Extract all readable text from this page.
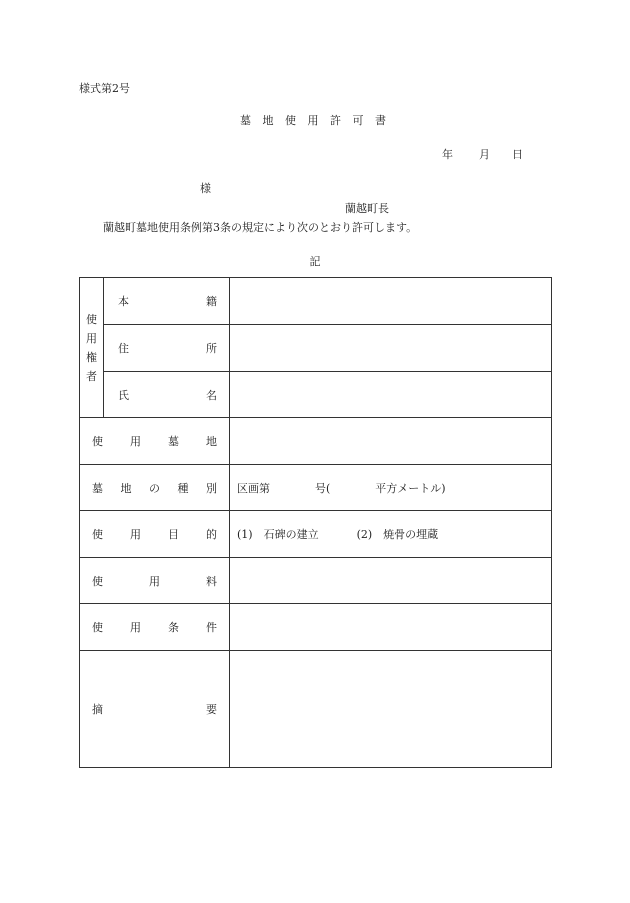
様式第2号
墓 地 使 用 許 可 書
年 月 日
様
蘭越町長
蘭越町墓地使用条例第3条の規定により次のとおり許可します。
記
使
用
権
者	本 籍	

	住 所	

	氏 名	

使 用 墓 地		

墓 地 の 種 別		区画第 号( 平方メートル)

使 用 目 的		(1)　石碑の建立 (2)　焼骨の埋蔵

使 用 料		

使 用 条 件		

摘 要		
